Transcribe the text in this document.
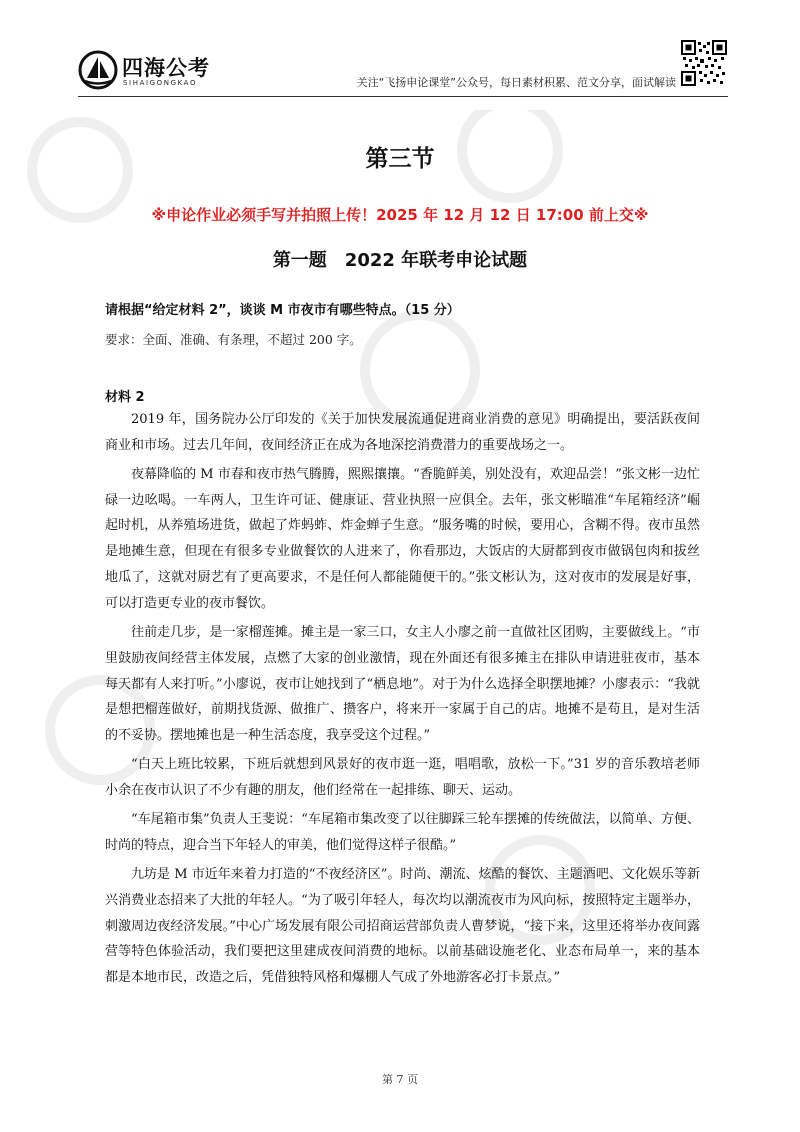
四海公考
SIHAIGONGKAO	关注“飞扬申论课堂”公众号，每日素材积累、范文分享，面试解读
第三节
※申论作业必须手写并拍照上传！2025 年 12 月 12 日 17:00 前上交※
第一题　2022 年联考申论试题
请根据“给定材料 2”，谈谈 M 市夜市有哪些特点。（15 分）
要求：全面、准确、有条理，不超过 200 字。
材料 2

2019 年，国务院办公厅印发的《关于加快发展流通促进商业消费的意见》明确提出，要活跃夜间商业和市场。过去几年间，夜间经济正在成为各地深挖消费潜力的重要战场之一。

夜幕降临的 M 市春和夜市热气腾腾，熙熙攘攘。“香脆鲜美，别处没有，欢迎品尝！”张文彬一边忙碌一边吆喝。一车两人，卫生许可证、健康证、营业执照一应俱全。去年，张文彬瞄准“车尾箱经济”崛起时机，从养殖场进货，做起了炸蚂蚱、炸金蝉子生意。“服务嘴的时候，要用心，含糊不得。夜市虽然是地摊生意，但现在有很多专业做餐饮的人进来了，你看那边，大饭店的大厨都到夜市做锅包肉和拔丝地瓜了，这就对厨艺有了更高要求，不是任何人都能随便干的。”张文彬认为，这对夜市的发展是好事，可以打造更专业的夜市餐饮。

往前走几步，是一家榴莲摊。摊主是一家三口，女主人小廖之前一直做社区团购，主要做线上。“市里鼓励夜间经营主体发展，点燃了大家的创业激情，现在外面还有很多摊主在排队申请进驻夜市，基本每天都有人来打听。”小廖说，夜市让她找到了“栖息地”。对于为什么选择全职摆地摊？小廖表示：“我就是想把榴莲做好，前期找货源、做推广、攒客户，将来开一家属于自己的店。地摊不是苟且，是对生活的不妥协。摆地摊也是一种生活态度，我享受这个过程。”

“白天上班比较累，下班后就想到风景好的夜市逛一逛，唱唱歌，放松一下。”31 岁的音乐教培老师小余在夜市认识了不少有趣的朋友，他们经常在一起排练、聊天、运动。

“车尾箱市集”负责人王斐说：“车尾箱市集改变了以往脚踩三轮车摆摊的传统做法，以简单、方便、时尚的特点，迎合当下年轻人的审美，他们觉得这样子很酷。”

九坊是 M 市近年来着力打造的“不夜经济区”。时尚、潮流、炫酷的餐饮、主题酒吧、文化娱乐等新兴消费业态招来了大批的年轻人。“为了吸引年轻人，每次均以潮流夜市为风向标，按照特定主题举办，刺激周边夜经济发展。”中心广场发展有限公司招商运营部负责人曹梦说，“接下来，这里还将举办夜间露营等特色体验活动，我们要把这里建成夜间消费的地标。以前基础设施老化、业态布局单一，来的基本都是本地市民，改造之后，凭借独特风格和爆棚人气成了外地游客必打卡景点。”

第 7 页
